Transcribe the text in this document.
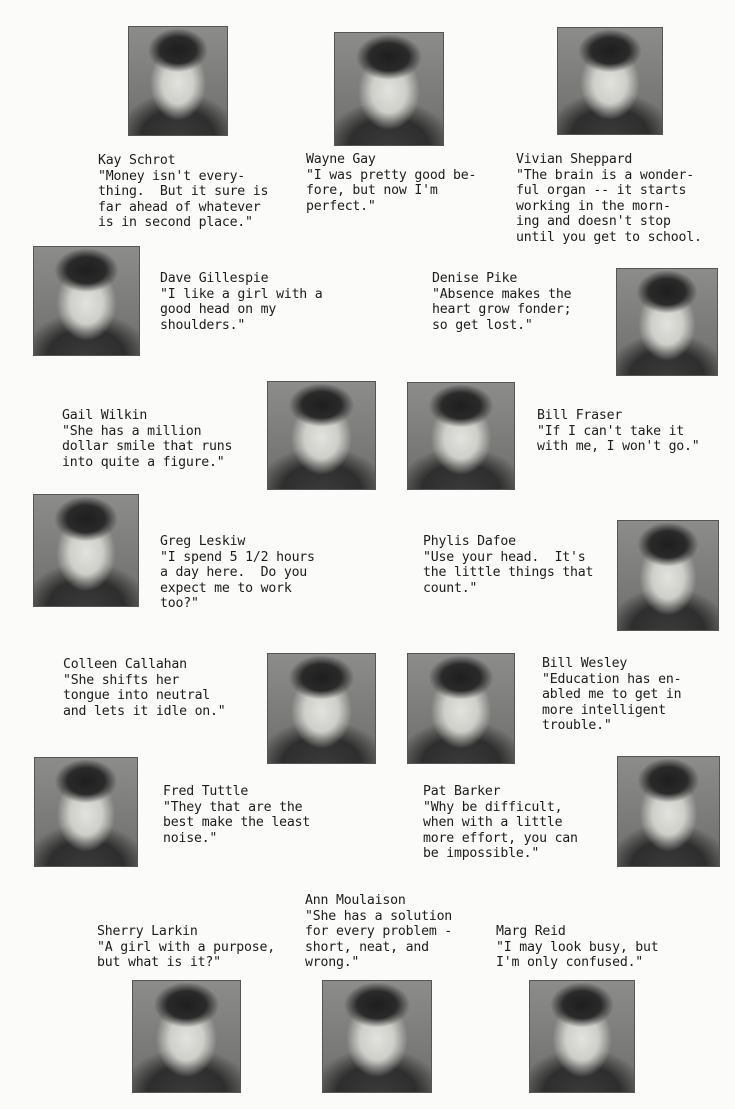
Kay Schrot
"Money isn't every-
thing.  But it sure is
far ahead of whatever
is in second place."
Wayne Gay
"I was pretty good be-
fore, but now I'm
perfect."
Vivian Sheppard
"The brain is a wonder-
ful organ -- it starts
working in the morn-
ing and doesn't stop
until you get to school.
Dave Gillespie
"I like a girl with a
good head on my
shoulders."
Denise Pike
"Absence makes the
heart grow fonder;
so get lost."
Gail Wilkin
"She has a million
dollar smile that runs
into quite a figure."
Bill Fraser
"If I can't take it
with me, I won't go."
Greg Leskiw
"I spend 5 1/2 hours
a day here.  Do you
expect me to work
too?"
Phylis Dafoe
"Use your head.  It's
the little things that
count."
Colleen Callahan
"She shifts her
tongue into neutral
and lets it idle on."
Bill Wesley
"Education has en-
abled me to get in
more intelligent
trouble."
Fred Tuttle
"They that are the
best make the least
noise."
Pat Barker
"Why be difficult,
when with a little
more effort, you can
be impossible."
Ann Moulaison
"She has a solution
for every problem -
short, neat, and
wrong."
Sherry Larkin
"A girl with a purpose,
but what is it?"
Marg Reid
"I may look busy, but
I'm only confused."
